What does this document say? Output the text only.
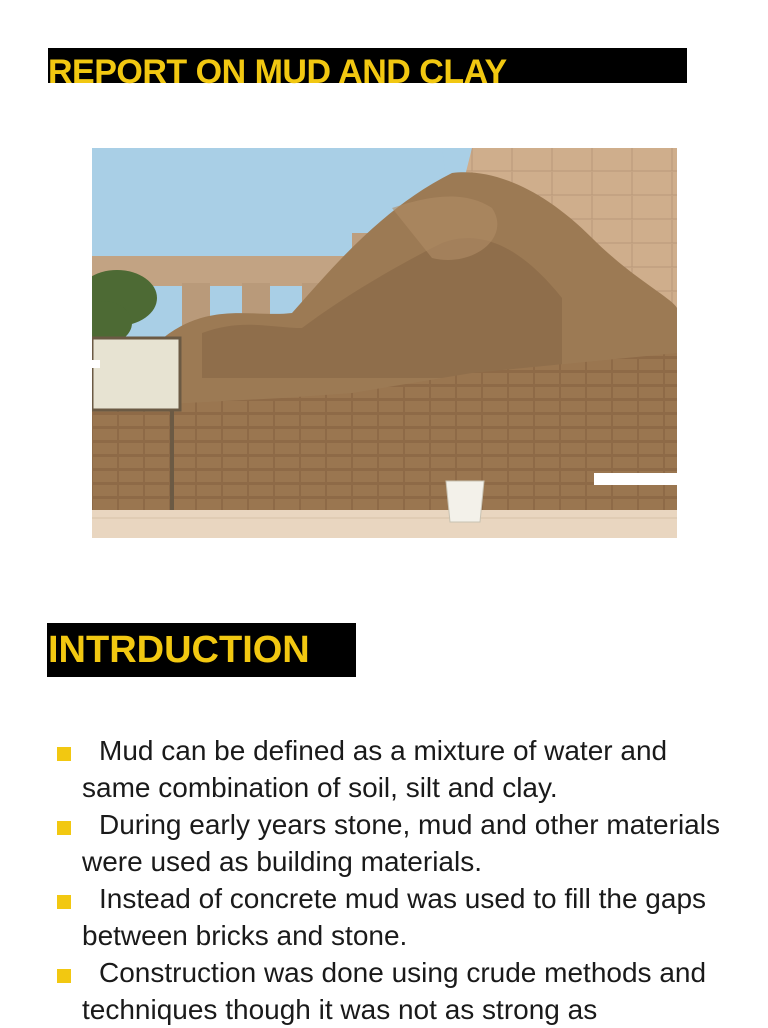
REPORT ON MUD AND CLAY
INTRDUCTION
Mud can be defined as a mixture of water and same combination of soil, silt and clay.
During early years stone, mud and other materials were used as building materials.
Instead of concrete mud was used to fill the gaps between bricks and stone.
Construction was done using crude methods and techniques though it was not as strong as
